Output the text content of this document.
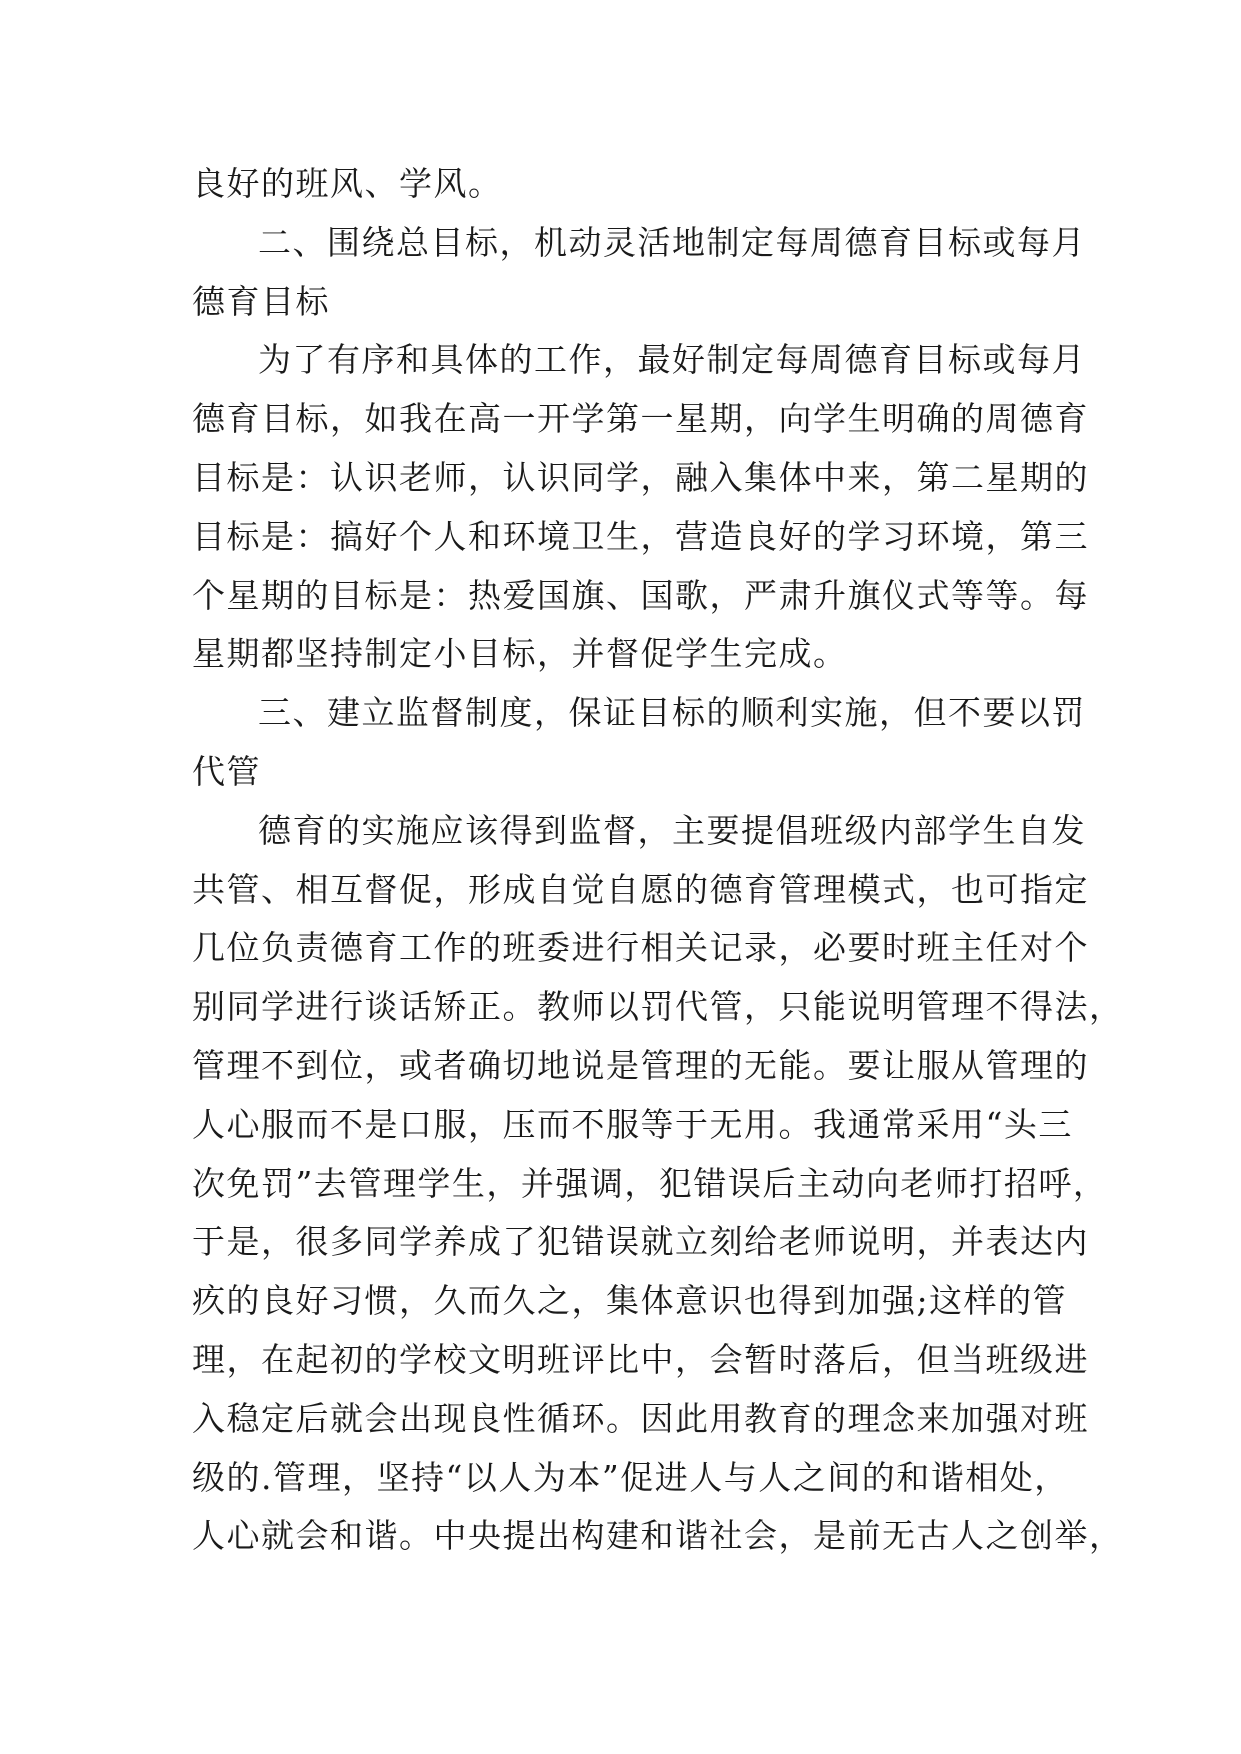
良好的班风、学风。
二、围绕总目标，机动灵活地制定每周德育目标或每月
德育目标
为了有序和具体的工作，最好制定每周德育目标或每月
德育目标，如我在高一开学第一星期，向学生明确的周德育
目标是：认识老师，认识同学，融入集体中来，第二星期的
目标是：搞好个人和环境卫生，营造良好的学习环境，第三
个星期的目标是：热爱国旗、国歌，严肃升旗仪式等等。每
星期都坚持制定小目标，并督促学生完成。
三、建立监督制度，保证目标的顺利实施，但不要以罚
代管
德育的实施应该得到监督，主要提倡班级内部学生自发
共管、相互督促，形成自觉自愿的德育管理模式，也可指定
几位负责德育工作的班委进行相关记录，必要时班主任对个
别同学进行谈话矫正。教师以罚代管，只能说明管理不得法，
管理不到位，或者确切地说是管理的无能。要让服从管理的
人心服而不是口服，压而不服等于无用。我通常采用“头三
次免罚”去管理学生，并强调，犯错误后主动向老师打招呼，
于是，很多同学养成了犯错误就立刻给老师说明，并表达内
疚的良好习惯，久而久之，集体意识也得到加强;这样的管
理，在起初的学校文明班评比中，会暂时落后，但当班级进
入稳定后就会出现良性循环。因此用教育的理念来加强对班
级的.管理，坚持“以人为本”促进人与人之间的和谐相处，
人心就会和谐。中央提出构建和谐社会，是前无古人之创举，
